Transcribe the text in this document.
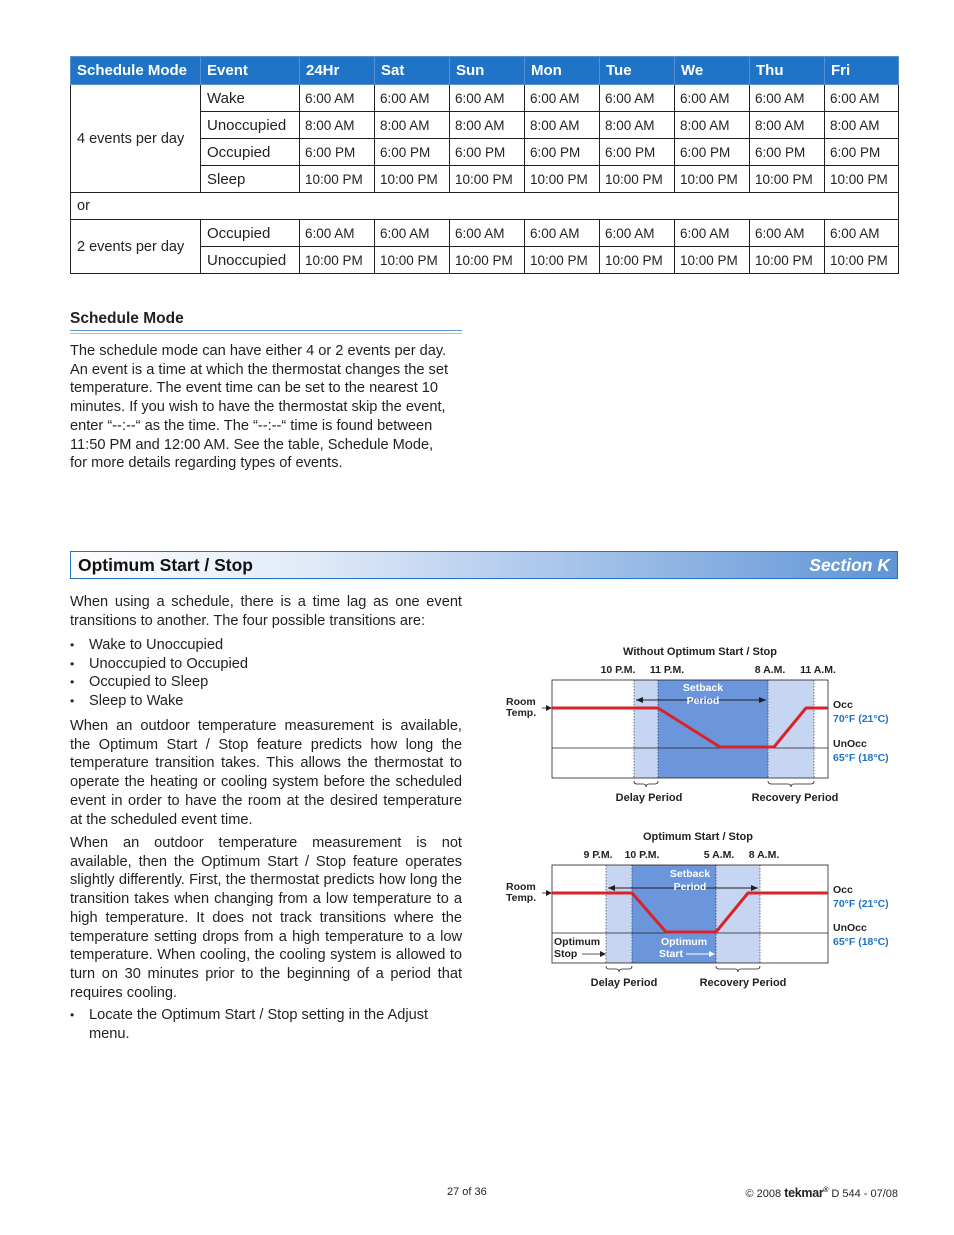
Schedule Mode	Event	24Hr	Sat	Sun	Mon	Tue	We	Thu	Fri
4 events per day	Wake	6:00 AM	6:00 AM	6:00 AM	6:00 AM	6:00 AM	6:00 AM	6:00 AM	6:00 AM
	Unoccupied	8:00 AM	8:00 AM	8:00 AM	8:00 AM	8:00 AM	8:00 AM	8:00 AM	8:00 AM
	Occupied	6:00 PM	6:00 PM	6:00 PM	6:00 PM	6:00 PM	6:00 PM	6:00 PM	6:00 PM
	Sleep	10:00 PM	10:00 PM	10:00 PM	10:00 PM	10:00 PM	10:00 PM	10:00 PM	10:00 PM
or									
2 events per day	Occupied	6:00 AM	6:00 AM	6:00 AM	6:00 AM	6:00 AM	6:00 AM	6:00 AM	6:00 AM
	Unoccupied	10:00 PM	10:00 PM	10:00 PM	10:00 PM	10:00 PM	10:00 PM	10:00 PM	10:00 PM
Schedule Mode
The schedule mode can have either 4 or 2 events per day.
An event is a time at which the thermostat changes the set
temperature. The event time can be set to the nearest 10
minutes. If you wish to have the thermostat skip the event,
enter “--:--“ as the time. The “--:--“ time is found between
11:50 PM and 12:00 AM. See the table, Schedule Mode,
for more details regarding types of events.
Optimum Start / Stop	Section K

When using a schedule, there is a time lag as one event transitions to another. The four possible transitions are:

• Wake to Unoccupied
• Unoccupied to Occupied
• Occupied to Sleep
• Sleep to Wake

When an outdoor temperature measurement is available, the Optimum Start / Stop feature predicts how long the temperature transition takes. This allows the thermostat to operate the heating or cooling system before the scheduled event in order to have the room at the desired temperature at the scheduled event time.

When an outdoor temperature measurement is not available, then the Optimum Start / Stop feature operates slightly differently. First, the thermostat predicts how long the transition takes when changing from a low temperature to a high temperature. It does not track transitions where the temperature setting drops from a high temperature to a low temperature. When cooling, the cooling system is allowed to turn on 30 minutes prior to the beginning of a period that requires cooling.

• Locate the Optimum Start / Stop setting in the Adjust menu.
Without Optimum Start / Stop
10 P.M. 11 P.M.	8 A.M. 11 A.M.
Setback
Period
Room
Temp.
Occ
70°F (21°C)
UnOcc
65°F (18°C)
Delay Period	Recovery Period
Optimum Start / Stop
9 P.M. 10 P.M.	5 A.M. 8 A.M.
Setback
Period
Room
Temp.
Optimum
Stop
Optimum
Start
Occ
70°F (21°C)
UnOcc
65°F (18°C)
Delay Period	Recovery Period
27 of 36	© 2008 tekmar® D 544 - 07/08
